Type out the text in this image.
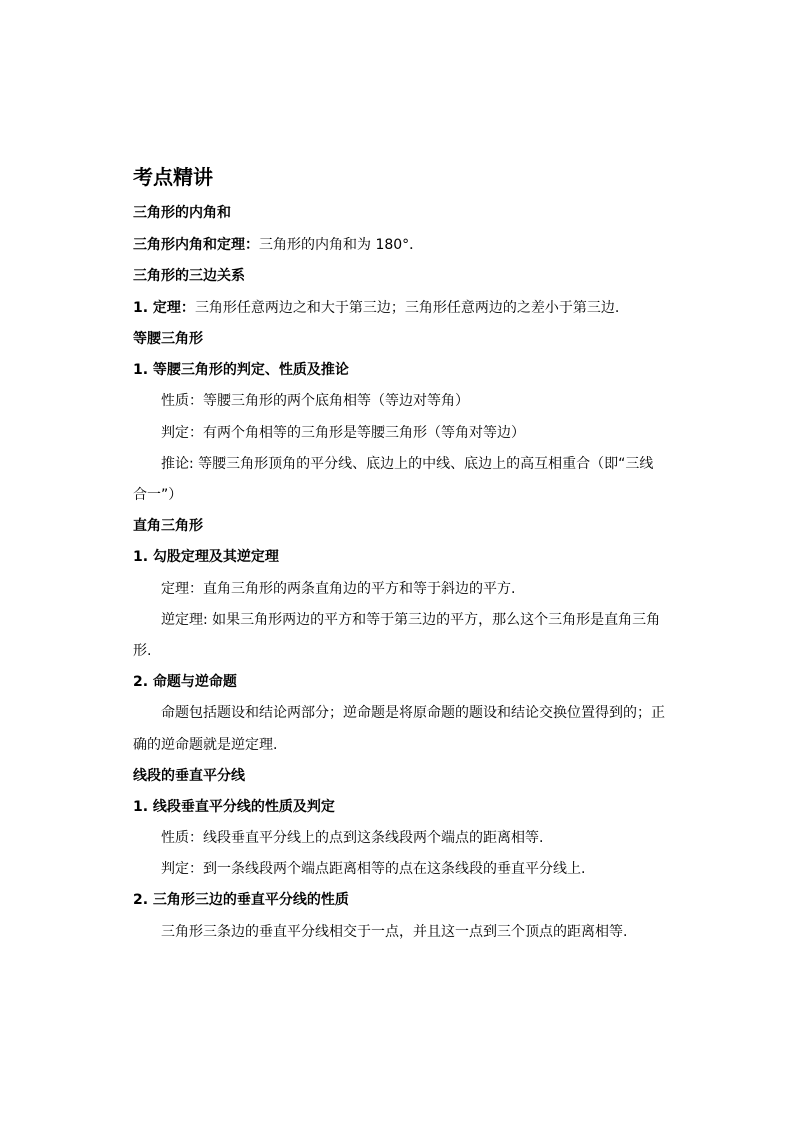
考点精讲
三角形的内角和
三角形内角和定理：三角形的内角和为 180°．
三角形的三边关系
1. 定理：三角形任意两边之和大于第三边；三角形任意两边的之差小于第三边.
等腰三角形
1. 等腰三角形的判定、性质及推论
性质：等腰三角形的两个底角相等（等边对等角）
判定：有两个角相等的三角形是等腰三角形（等角对等边）
推论: 等腰三角形顶角的平分线、底边上的中线、底边上的高互相重合（即“三线
合一”）
直角三角形
1. 勾股定理及其逆定理
定理：直角三角形的两条直角边的平方和等于斜边的平方.
逆定理: 如果三角形两边的平方和等于第三边的平方，那么这个三角形是直角三角
形.
2. 命题与逆命题
命题包括题设和结论两部分；逆命题是将原命题的题设和结论交换位置得到的；正
确的逆命题就是逆定理.
线段的垂直平分线
1. 线段垂直平分线的性质及判定
性质：线段垂直平分线上的点到这条线段两个端点的距离相等.
判定：到一条线段两个端点距离相等的点在这条线段的垂直平分线上.
2. 三角形三边的垂直平分线的性质
三角形三条边的垂直平分线相交于一点，并且这一点到三个顶点的距离相等.
